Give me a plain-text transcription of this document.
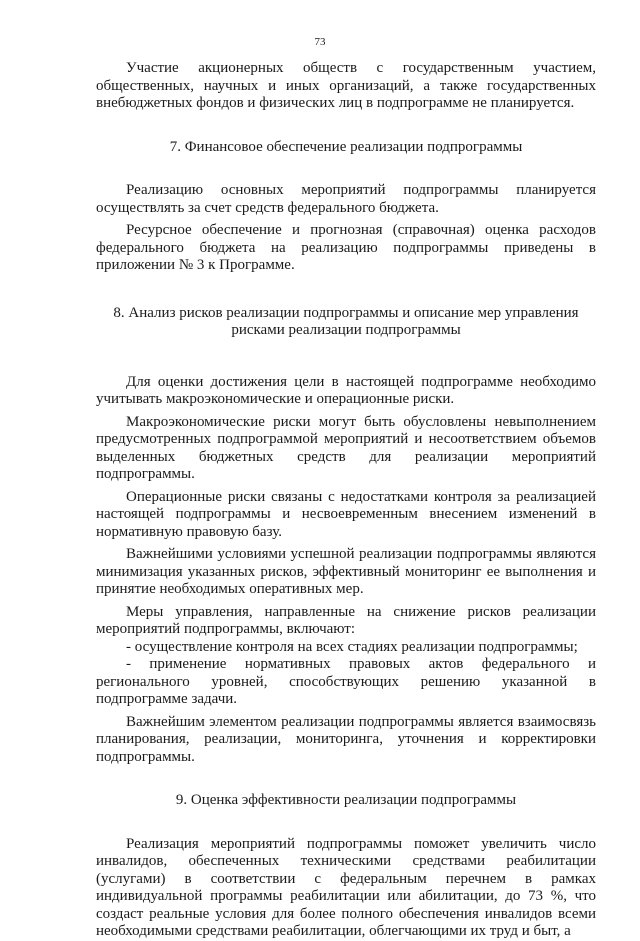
73

Участие акционерных обществ с государственным участием, общественных, научных и иных организаций, а также государственных внебюджетных фондов и физических лиц в подпрограмме не планируется.

7. Финансовое обеспечение реализации подпрограммы

Реализацию основных мероприятий подпрограммы планируется осуществлять за счет средств федерального бюджета.

Ресурсное обеспечение и прогнозная (справочная) оценка расходов федерального бюджета на реализацию подпрограммы приведены в приложении № 3 к Программе.

8. Анализ рисков реализации подпрограммы и описание мер управления рисками реализации подпрограммы

Для оценки достижения цели в настоящей подпрограмме необходимо учитывать макроэкономические и операционные риски.

Макроэкономические риски могут быть обусловлены невыполнением предусмотренных подпрограммой мероприятий и несоответствием объемов выделенных бюджетных средств для реализации мероприятий подпрограммы.

Операционные риски связаны с недостатками контроля за реализацией настоящей подпрограммы и несвоевременным внесением изменений в нормативную правовую базу.

Важнейшими условиями успешной реализации подпрограммы являются минимизация указанных рисков, эффективный мониторинг ее выполнения и принятие необходимых оперативных мер.

Меры управления, направленные на снижение рисков реализации мероприятий подпрограммы, включают:

- осуществление контроля на всех стадиях реализации подпрограммы;

- применение нормативных правовых актов федерального и регионального уровней, способствующих решению указанной в подпрограмме задачи.

Важнейшим элементом реализации подпрограммы является взаимосвязь планирования, реализации, мониторинга, уточнения и корректировки подпрограммы.

9. Оценка эффективности реализации подпрограммы

Реализация мероприятий подпрограммы поможет увеличить число инвалидов, обеспеченных техническими средствами реабилитации (услугами) в соответствии с федеральным перечнем в рамках индивидуальной программы реабилитации или абилитации, до 73 %, что создаст реальные условия для более полного обеспечения инвалидов всеми необходимыми средствами реабилитации, облегчающими их труд и быт, а
